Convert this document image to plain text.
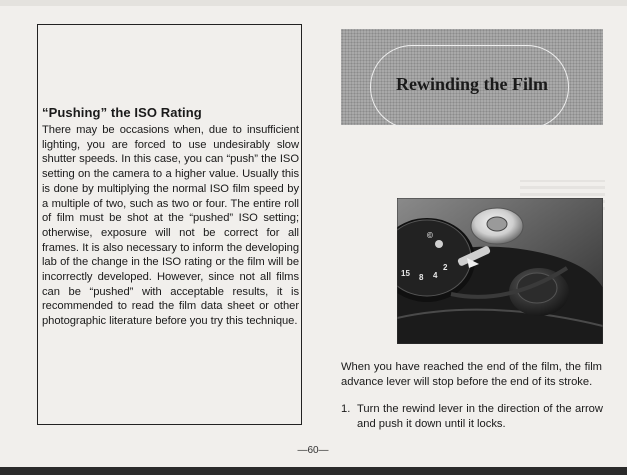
“Pushing” the ISO Rating

There may be occasions when, due to insufficient lighting, you are forced to use undesirably slow shutter speeds. In this case, you can “push” the ISO setting on the camera to a higher value. Usually this is done by multiplying the normal ISO film speed by a multiple of two, such as two or four. The entire roll of film must be shot at the “pushed” ISO setting; otherwise, exposure will not be correct for all frames. It is also necessary to inform the developing lab of the change in the ISO rating or the film will be incorrectly developed. However, since not all films can be “pushed” with acceptable results, it is recommended to read the film data sheet or other photographic literature before you try this technique.

Rewinding the Film
15 8 4
2
©

When you have reached the end of the film, the film advance lever will stop before the end of its stroke.

1. Turn the rewind lever in the direction of the arrow and push it down until it locks.
—60—
